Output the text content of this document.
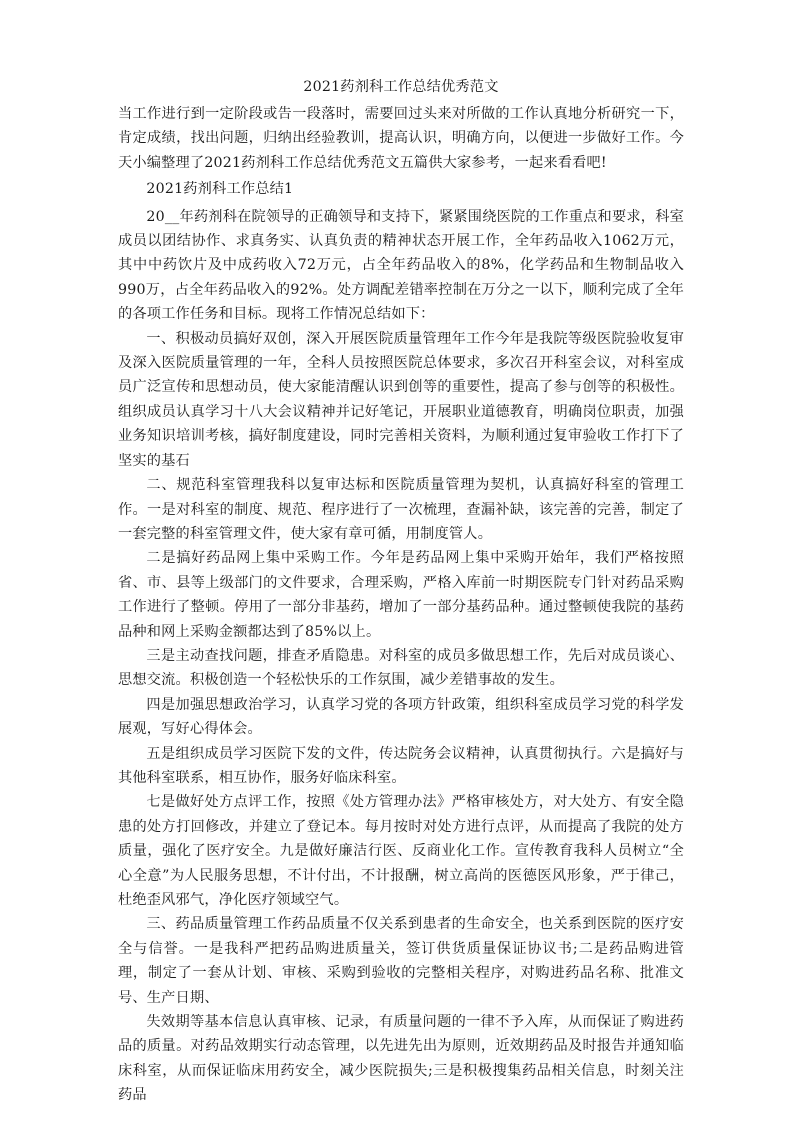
2021药剂科工作总结优秀范文

当工作进行到一定阶段或告一段落时，需要回过头来对所做的工作认真地分析研究一下，肯定成绩，找出问题，归纳出经验教训，提高认识，明确方向，以便进一步做好工作。今天小编整理了2021药剂科工作总结优秀范文五篇供大家参考，一起来看看吧!

2021药剂科工作总结1

20__年药剂科在院领导的正确领导和支持下，紧紧围绕医院的工作重点和要求，科室成员以团结协作、求真务实、认真负责的精神状态开展工作，全年药品收入1062万元，其中中药饮片及中成药收入72万元，占全年药品收入的8%，化学药品和生物制品收入990万，占全年药品收入的92%。处方调配差错率控制在万分之一以下，顺利完成了全年的各项工作任务和目标。现将工作情况总结如下：

一、积极动员搞好双创，深入开展医院质量管理年工作今年是我院等级医院验收复审及深入医院质量管理的一年，全科人员按照医院总体要求，多次召开科室会议，对科室成员广泛宣传和思想动员，使大家能清醒认识到创等的重要性，提高了参与创等的积极性。组织成员认真学习十八大会议精神并记好笔记，开展职业道德教育，明确岗位职责，加强业务知识培训考核，搞好制度建设，同时完善相关资料，为顺利通过复审验收工作打下了坚实的基石

二、规范科室管理我科以复审达标和医院质量管理为契机，认真搞好科室的管理工作。一是对科室的制度、规范、程序进行了一次梳理，查漏补缺，该完善的完善，制定了一套完整的科室管理文件，使大家有章可循，用制度管人。

二是搞好药品网上集中采购工作。今年是药品网上集中采购开始年，我们严格按照省、市、县等上级部门的文件要求，合理采购，严格入库前一时期医院专门针对药品采购工作进行了整顿。停用了一部分非基药，增加了一部分基药品种。通过整顿使我院的基药品种和网上采购金额都达到了85%以上。

三是主动查找问题，排查矛盾隐患。对科室的成员多做思想工作，先后对成员谈心、思想交流。积极创造一个轻松快乐的工作氛围，减少差错事故的发生。

四是加强思想政治学习，认真学习党的各项方针政策，组织科室成员学习党的科学发展观，写好心得体会。

五是组织成员学习医院下发的文件，传达院务会议精神，认真贯彻执行。六是搞好与其他科室联系，相互协作，服务好临床科室。

七是做好处方点评工作，按照《处方管理办法》严格审核处方，对大处方、有安全隐患的处方打回修改，并建立了登记本。每月按时对处方进行点评，从而提高了我院的处方质量，强化了医疗安全。九是做好廉洁行医、反商业化工作。宣传教育我科人员树立“全心全意”为人民服务思想，不计付出，不计报酬，树立高尚的医德医风形象，严于律己，杜绝歪风邪气，净化医疗领域空气。

三、药品质量管理工作药品质量不仅关系到患者的生命安全，也关系到医院的医疗安全与信誉。一是我科严把药品购进质量关，签订供货质量保证协议书;二是药品购进管理，制定了一套从计划、审核、采购到验收的完整相关程序，对购进药品名称、批准文号、生产日期、

失效期等基本信息认真审核、记录，有质量问题的一律不予入库，从而保证了购进药品的质量。对药品效期实行动态管理，以先进先出为原则，近效期药品及时报告并通知临床科室，从而保证临床用药安全，减少医院损失;三是积极搜集药品相关信息，时刻关注药品
